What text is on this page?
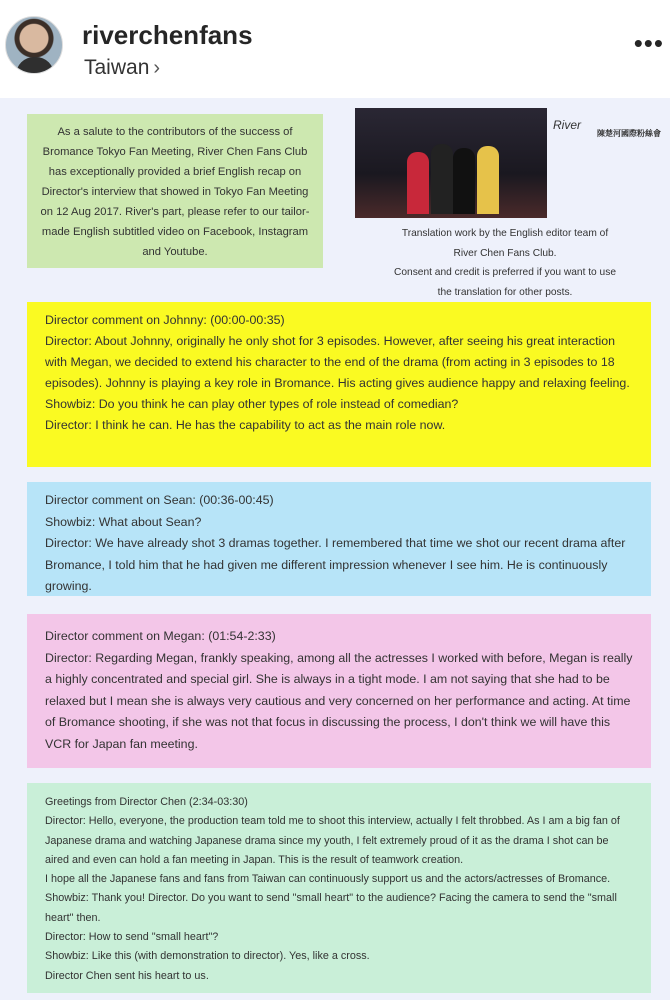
riverchenfans
Taiwan ›
•••
As a salute to the contributors of the success of Bromance Tokyo Fan Meeting, River Chen Fans Club has exceptionally provided a brief English recap on Director's interview that showed in Tokyo Fan Meeting on 12 Aug 2017. River's part, please refer to our tailor-made English subtitled video on Facebook, Instagram and Youtube.
River
陳楚河國際粉絲會
Translation work by the English editor team of
River Chen Fans Club.
Consent and credit is preferred if you want to use
the translation for other posts.
Director comment on Johnny: (00:00-00:35)
Director: About Johnny, originally he only shot for 3 episodes. However, after seeing his great interaction with Megan, we decided to extend his character to the end of the drama (from acting in 3 episodes to 18 episodes). Johnny is playing a key role in Bromance. His acting gives audience happy and relaxing feeling.
Showbiz: Do you think he can play other types of role instead of comedian?
Director: I think he can. He has the capability to act as the main role now.
Director comment on Sean: (00:36-00:45)
Showbiz: What about Sean?
Director: We have already shot 3 dramas together. I remembered that time we shot our recent drama after Bromance, I told him that he had given me different impression whenever I see him. He is continuously growing.
Director comment on Megan: (01:54-2:33)
Director: Regarding Megan, frankly speaking, among all the actresses I worked with before, Megan is really a highly concentrated and special girl. She is always in a tight mode. I am not saying that she had to be relaxed but I mean she is always very cautious and very concerned on her performance and acting. At time of Bromance shooting, if she was not that focus in discussing the process, I don't think we will have this VCR for Japan fan meeting.
Greetings from Director Chen (2:34-03:30)
Director: Hello, everyone, the production team told me to shoot this interview, actually I felt throbbed. As I am a big fan of Japanese drama and watching Japanese drama since my youth, I felt extremely proud of it as the drama I shot can be aired and even can hold a fan meeting in Japan. This is the result of teamwork creation.
I hope all the Japanese fans and fans from Taiwan can continuously support us and the actors/actresses of Bromance.
Showbiz: Thank you! Director. Do you want to send "small heart" to the audience? Facing the camera to send the "small heart" then.
Director: How to send "small heart"?
Showbiz: Like this (with demonstration to director). Yes, like a cross.
Director Chen sent his heart to us.
